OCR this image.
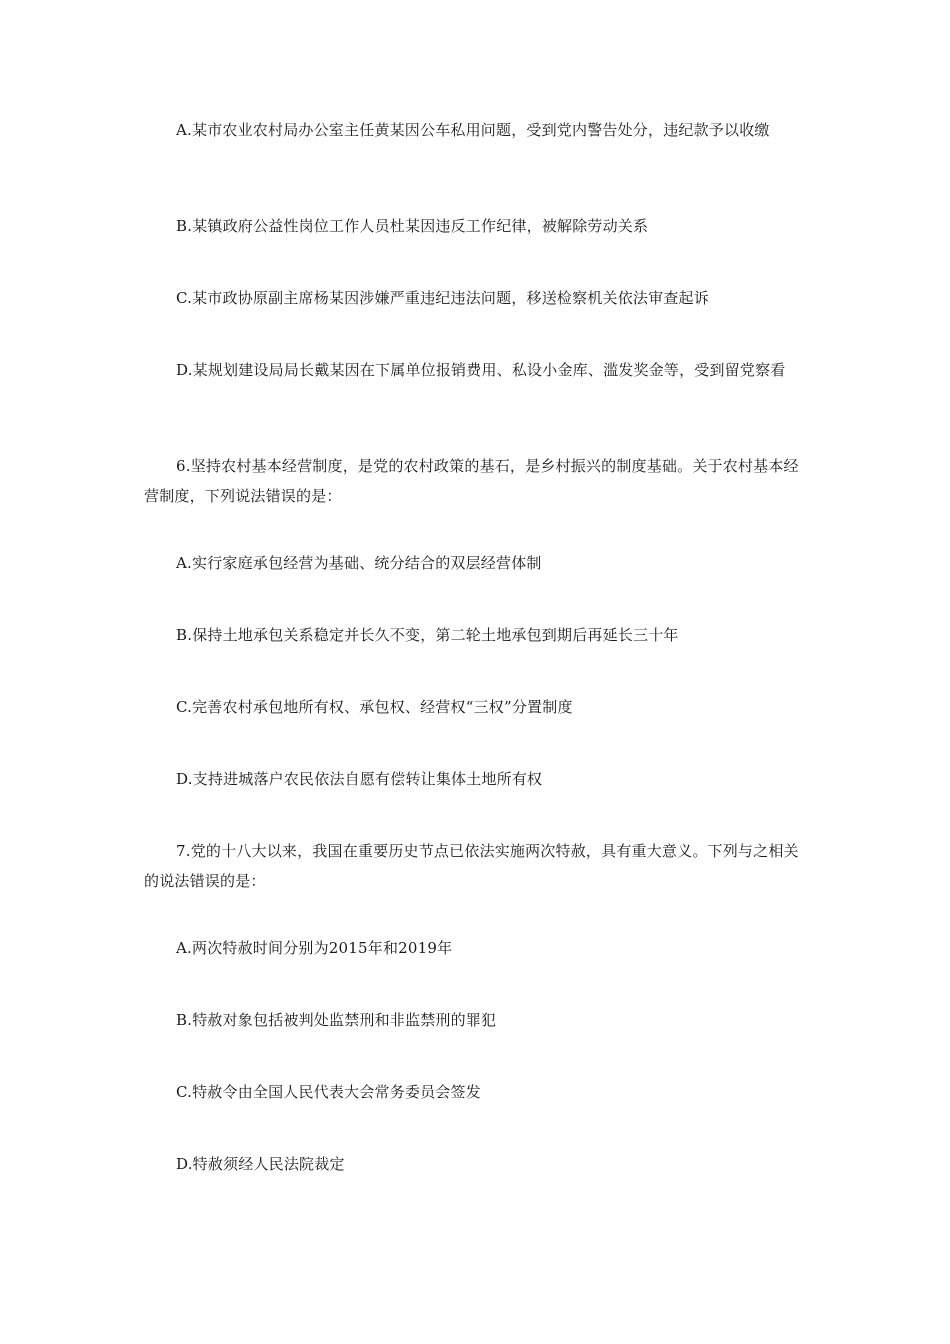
A.某市农业农村局办公室主任黄某因公车私用问题，受到党内警告处分，违纪款予以收缴

B.某镇政府公益性岗位工作人员杜某因违反工作纪律，被解除劳动关系

C.某市政协原副主席杨某因涉嫌严重违纪违法问题，移送检察机关依法审查起诉

D.某规划建设局局长戴某因在下属单位报销费用、私设小金库、滥发奖金等，受到留党察看

6.坚持农村基本经营制度，是党的农村政策的基石，是乡村振兴的制度基础。关于农村基本经营制度，下列说法错误的是：

A.实行家庭承包经营为基础、统分结合的双层经营体制

B.保持土地承包关系稳定并长久不变，第二轮土地承包到期后再延长三十年

C.完善农村承包地所有权、承包权、经营权“三权”分置制度

D.支持进城落户农民依法自愿有偿转让集体土地所有权

7.党的十八大以来，我国在重要历史节点已依法实施两次特赦，具有重大意义。下列与之相关的说法错误的是：

A.两次特赦时间分别为2015年和2019年

B.特赦对象包括被判处监禁刑和非监禁刑的罪犯

C.特赦令由全国人民代表大会常务委员会签发

D.特赦须经人民法院裁定
